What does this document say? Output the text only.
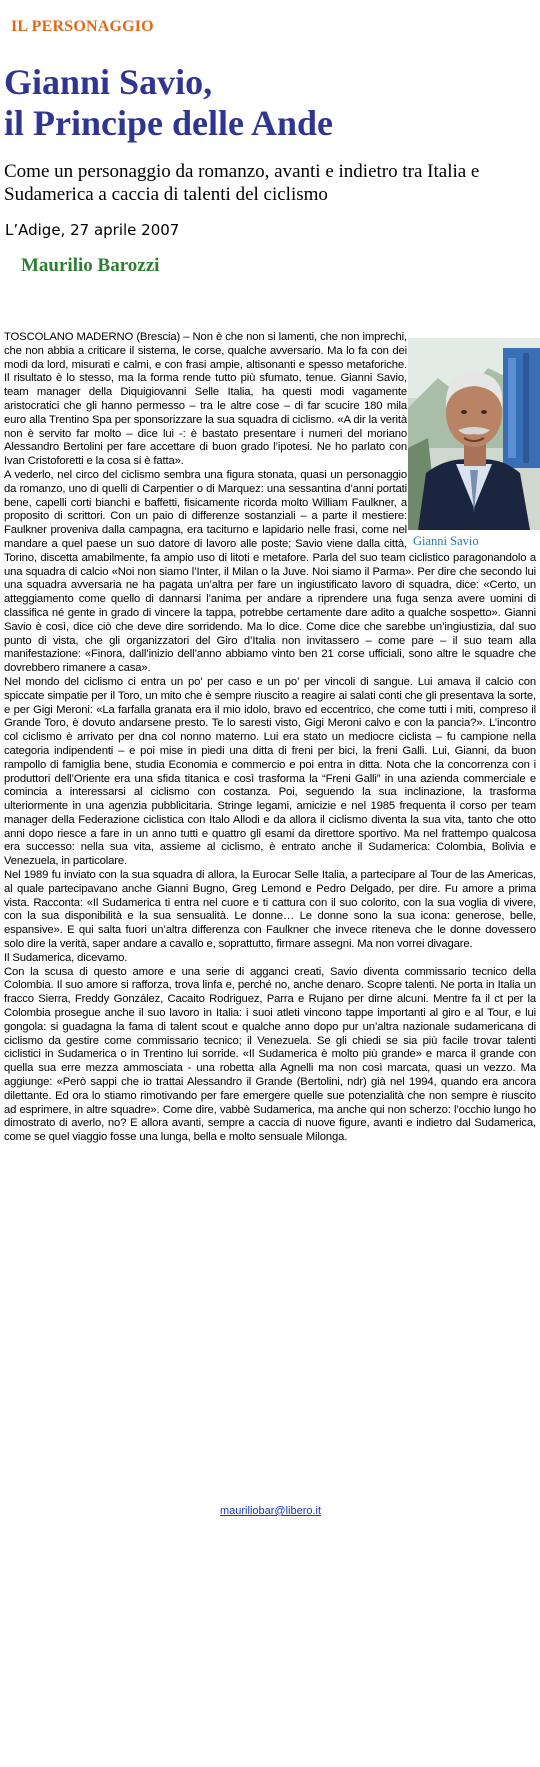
IL PERSONAGGIO
Gianni Savio,
il Principe delle Ande

Come un personaggio da romanzo, avanti e indietro tra Italia e Sudamerica a caccia di talenti del ciclismo

L’Adige, 27 aprile 2007
Maurilio Barozzi
Gianni Savio

TOSCOLANO MADERNO (Brescia) – Non è che non si lamenti, che non imprechi, che non abbia a criticare il sistema, le corse, qualche avversario. Ma lo fa con dei modi da lord, misurati e calmi, e con frasi ampie, altisonanti e spesso metaforiche. Il risultato è lo stesso, ma la forma rende tutto più sfumato, tenue. Gianni Savio, team manager della Diquigiovanni Selle Italia, ha questi modi vagamente aristocratici che gli hanno permesso – tra le altre cose – di far scucire 180 mila euro alla Trentino Spa per sponsorizzare la sua squadra di ciclismo. «A dir la verità non è servito far molto – dice lui -: è bastato presentare i numeri del moriano Alessandro Bertolini per fare accettare di buon grado l’ipotesi. Ne ho parlato con Ivan Cristoforetti e la cosa si è fatta».

A vederlo, nel circo del ciclismo sembra una figura stonata, quasi un personaggio da romanzo, uno di quelli di Carpentier o di Marquez: una sessantina d’anni portati bene, capelli corti bianchi e baffetti, fisicamente ricorda molto William Faulkner, a proposito di scrittori. Con un paio di differenze sostanziali – a parte il mestiere: Faulkner proveniva dalla campagna, era taciturno e lapidario nelle frasi, come nel mandare a quel paese un suo datore di lavoro alle poste; Savio viene dalla città,
Torino, discetta amabilmente, fa ampio uso di litoti e metafore. Parla del suo team ciclistico paragonandolo a una squadra di calcio «Noi non siamo l’Inter, il Milan o la Juve. Noi siamo il Parma». Per dire che secondo lui una squadra avversaria ne ha pagata un’altra per fare un ingiustificato lavoro di squadra, dice: «Certo, un atteggiamento come quello di dannarsi l’anima per andare a riprendere una fuga senza avere uomini di classifica né gente in grado di vincere la tappa, potrebbe certamente dare adito a qualche sospetto». Gianni Savio è così, dice ciò che deve dire sorridendo. Ma lo dice. Come dice che sarebbe un’ingiustizia, dal suo punto di vista, che gli organizzatori del Giro d’Italia non invitassero – come pare – il suo team alla manifestazione: «Finora, dall’inizio dell’anno abbiamo vinto ben 21 corse ufficiali, sono altre le squadre che dovrebbero rimanere a casa».

Nel mondo del ciclismo ci entra un po’ per caso e un po’ per vincoli di sangue. Lui amava il calcio con spiccate simpatie per il Toro, un mito che è sempre riuscito a reagire ai salati conti che gli presentava la sorte, e per Gigi Meroni: «La farfalla granata era il mio idolo, bravo ed eccentrico, che come tutti i miti, compreso il Grande Toro, è dovuto andarsene presto. Te lo saresti visto, Gigi Meroni calvo e con la pancia?». L’incontro col ciclismo è arrivato per dna col nonno materno. Lui era stato un mediocre ciclista – fu campione nella categoria indipendenti – e poi mise in piedi una ditta di freni per bici, la freni Galli. Lui, Gianni, da buon rampollo di famiglia bene, studia Economia e commercio e poi entra in ditta. Nota che la concorrenza con i produttori dell’Oriente era una sfida titanica e così trasforma la “Freni Galli” in una azienda commerciale e comincia a interessarsi al ciclismo con costanza. Poi, seguendo la sua inclinazione, la trasforma ulteriormente in una agenzia pubblicitaria. Stringe legami, amicizie e nel 1985 frequenta il corso per team manager della Federazione ciclistica con Italo Allodi e da allora il ciclismo diventa la sua vita, tanto che otto anni dopo riesce a fare in un anno tutti e quattro gli esami da direttore sportivo. Ma nel frattempo qualcosa era successo: nella sua vita, assieme al ciclismo, è entrato anche il Sudamerica: Colombia, Bolivia e Venezuela, in particolare.

Nel 1989 fu inviato con la sua squadra di allora, la Eurocar Selle Italia, a partecipare al Tour de las Americas, al quale partecipavano anche Gianni Bugno, Greg Lemond e Pedro Delgado, per dire. Fu amore a prima vista. Racconta: «Il Sudamerica ti entra nel cuore e ti cattura con il suo colorito, con la sua voglia di vivere, con la sua disponibilità e la sua sensualità. Le donne… Le donne sono la sua icona: generose, belle, espansive». E qui salta fuori un’altra differenza con Faulkner che invece riteneva che le donne dovessero solo dire la verità, saper andare a cavallo e, soprattutto, firmare assegni. Ma non vorrei divagare.

Il Sudamerica, dicevamo.

Con la scusa di questo amore e una serie di agganci creati, Savio diventa commissario tecnico della Colombia. Il suo amore si rafforza, trova linfa e, perché no, anche denaro. Scopre talenti. Ne porta in Italia un fracco Sierra, Freddy González, Cacaito Rodriguez, Parra e Rujano per dirne alcuni. Mentre fa il ct per la Colombia prosegue anche il suo lavoro in Italia: i suoi atleti vincono tappe importanti al giro e al Tour, e lui gongola: si guadagna la fama di talent scout e qualche anno dopo pur un’altra nazionale sudamericana di ciclismo da gestire come commissario tecnico; il Venezuela. Se gli chiedi se sia più facile trovar talenti ciclistici in Sudamerica o in Trentino lui sorride. «Il Sudamerica è molto più grande» e marca il grande con quella sua erre mezza ammosciata - una robetta alla Agnelli ma non così marcata, quasi un vezzo. Ma aggiunge: «Però sappi che io trattai Alessandro il Grande (Bertolini, ndr) già nel 1994, quando era ancora dilettante. Ed ora lo stiamo rimotivando per fare emergere quelle sue potenzialità che non sempre è riuscito ad esprimere, in altre squadre». Come dire, vabbè Sudamerica, ma anche qui non scherzo: l’occhio lungo ho dimostrato di averlo, no? E allora avanti, sempre a caccia di nuove figure, avanti e indietro dal Sudamerica, come se quel viaggio fosse una lunga, bella e molto sensuale Milonga.

mauriliobar@libero.it
